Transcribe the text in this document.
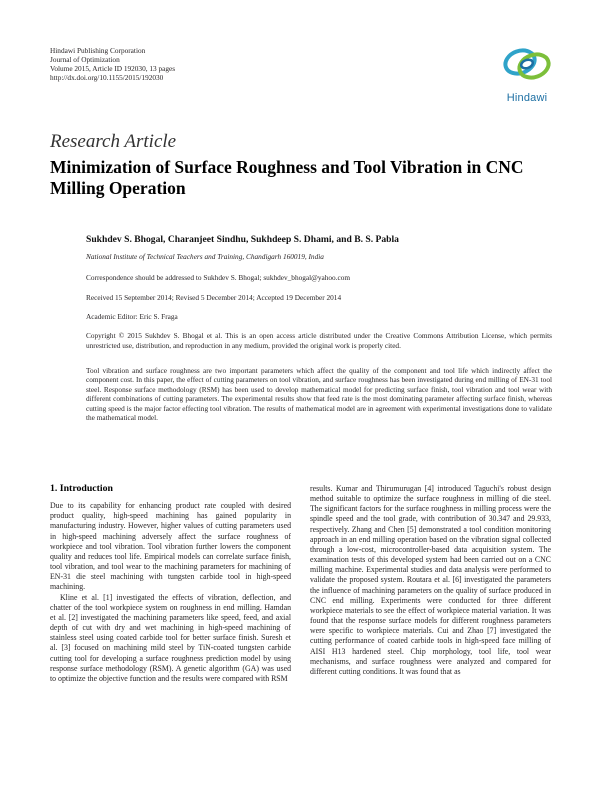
Hindawi Publishing Corporation
Journal of Optimization
Volume 2015, Article ID 192030, 13 pages
http://dx.doi.org/10.1155/2015/192030
Hindawi
Research Article
Minimization of Surface Roughness and Tool Vibration in CNC Milling Operation
Sukhdev S. Bhogal, Charanjeet Sindhu, Sukhdeep S. Dhami, and B. S. Pabla
National Institute of Technical Teachers and Training, Chandigarh 160019, India
Correspondence should be addressed to Sukhdev S. Bhogal; sukhdev_bhogal@yahoo.com
Received 15 September 2014; Revised 5 December 2014; Accepted 19 December 2014
Academic Editor: Eric S. Fraga
Copyright © 2015 Sukhdev S. Bhogal et al. This is an open access article distributed under the Creative Commons Attribution License, which permits unrestricted use, distribution, and reproduction in any medium, provided the original work is properly cited.
Tool vibration and surface roughness are two important parameters which affect the quality of the component and tool life which indirectly affect the component cost. In this paper, the effect of cutting parameters on tool vibration, and surface roughness has been investigated during end milling of EN-31 tool steel. Response surface methodology (RSM) has been used to develop mathematical model for predicting surface finish, tool vibration and tool wear with different combinations of cutting parameters. The experimental results show that feed rate is the most dominating parameter affecting surface finish, whereas cutting speed is the major factor effecting tool vibration. The results of mathematical model are in agreement with experimental investigations done to validate the mathematical model.
1. Introduction

Due to its capability for enhancing product rate coupled with desired product quality, high-speed machining has gained popularity in manufacturing industry. However, higher values of cutting parameters used in high-speed machining adversely affect the surface roughness of workpiece and tool vibration. Tool vibration further lowers the component quality and reduces tool life. Empirical models can correlate surface finish, tool vibration, and tool wear to the machining parameters for machining of EN-31 die steel machining with tungsten carbide tool in high-speed machining.

Kline et al. [1] investigated the effects of vibration, deflection, and chatter of the tool workpiece system on roughness in end milling. Hamdan et al. [2] investigated the machining parameters like speed, feed, and axial depth of cut with dry and wet machining in high-speed machining of stainless steel using coated carbide tool for better surface finish. Suresh et al. [3] focused on machining mild steel by TiN-coated tungsten carbide cutting tool for developing a surface roughness prediction model by using response surface methodology (RSM). A genetic algorithm (GA) was used to optimize the objective function and the results were compared with RSM

results. Kumar and Thirumurugan [4] introduced Taguchi's robust design method suitable to optimize the surface roughness in milling of die steel. The significant factors for the surface roughness in milling process were the spindle speed and the tool grade, with contribution of 30.347 and 29.933, respectively. Zhang and Chen [5] demonstrated a tool condition monitoring approach in an end milling operation based on the vibration signal collected through a low-cost, microcontroller-based data acquisition system. The examination tests of this developed system had been carried out on a CNC milling machine. Experimental studies and data analysis were performed to validate the proposed system. Routara et al. [6] investigated the parameters the influence of machining parameters on the quality of surface produced in CNC end milling. Experiments were conducted for three different workpiece materials to see the effect of workpiece material variation. It was found that the response surface models for different roughness parameters were specific to workpiece materials. Cui and Zhao [7] investigated the cutting performance of coated carbide tools in high-speed face milling of AISI H13 hardened steel. Chip morphology, tool life, tool wear mechanisms, and surface roughness were analyzed and compared for different cutting conditions. It was found that as
